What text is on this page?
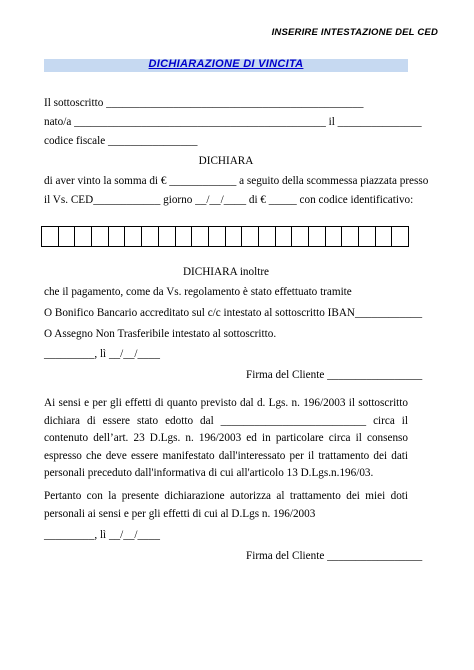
INSERIRE INTESTAZIONE DEL CED
DICHIARAZIONE DI VINCITA
Il sottoscritto ______________________________________________
nato/a _____________________________________________ il _______________
codice fiscale ________________
DICHIARA
di aver vinto la somma di € ____________ a seguito della scommessa piazzata presso
il Vs. CED____________ giorno __/__/____ di € _____ con codice identificativo:
DICHIARA inoltre
che il pagamento, come da Vs. regolamento è stato effettuato tramite
O Bonifico Bancario accreditato sul c/c intestato al sottoscritto IBAN____________
O Assegno Non Trasferibile intestato al sottoscritto.
_________, lì __/__/____
Firma del Cliente _________________
Ai sensi e per gli effetti di quanto previsto dal d. Lgs. n. 196/2003 il sottoscritto dichiara di essere stato edotto dal __________________________ circa il contenuto dell’art. 23 D.Lgs. n. 196/2003 ed in particolare circa il consenso espresso che deve essere manifestato dall'interessato per il trattamento dei dati personali preceduto dall'informativa di cui all'articolo 13 D.Lgs.n.196/03.
Pertanto con la presente dichiarazione autorizza al trattamento dei miei doti personali ai sensi e per gli effetti di cui al D.Lgs n. 196/2003
_________, lì __/__/____
Firma del Cliente _________________
